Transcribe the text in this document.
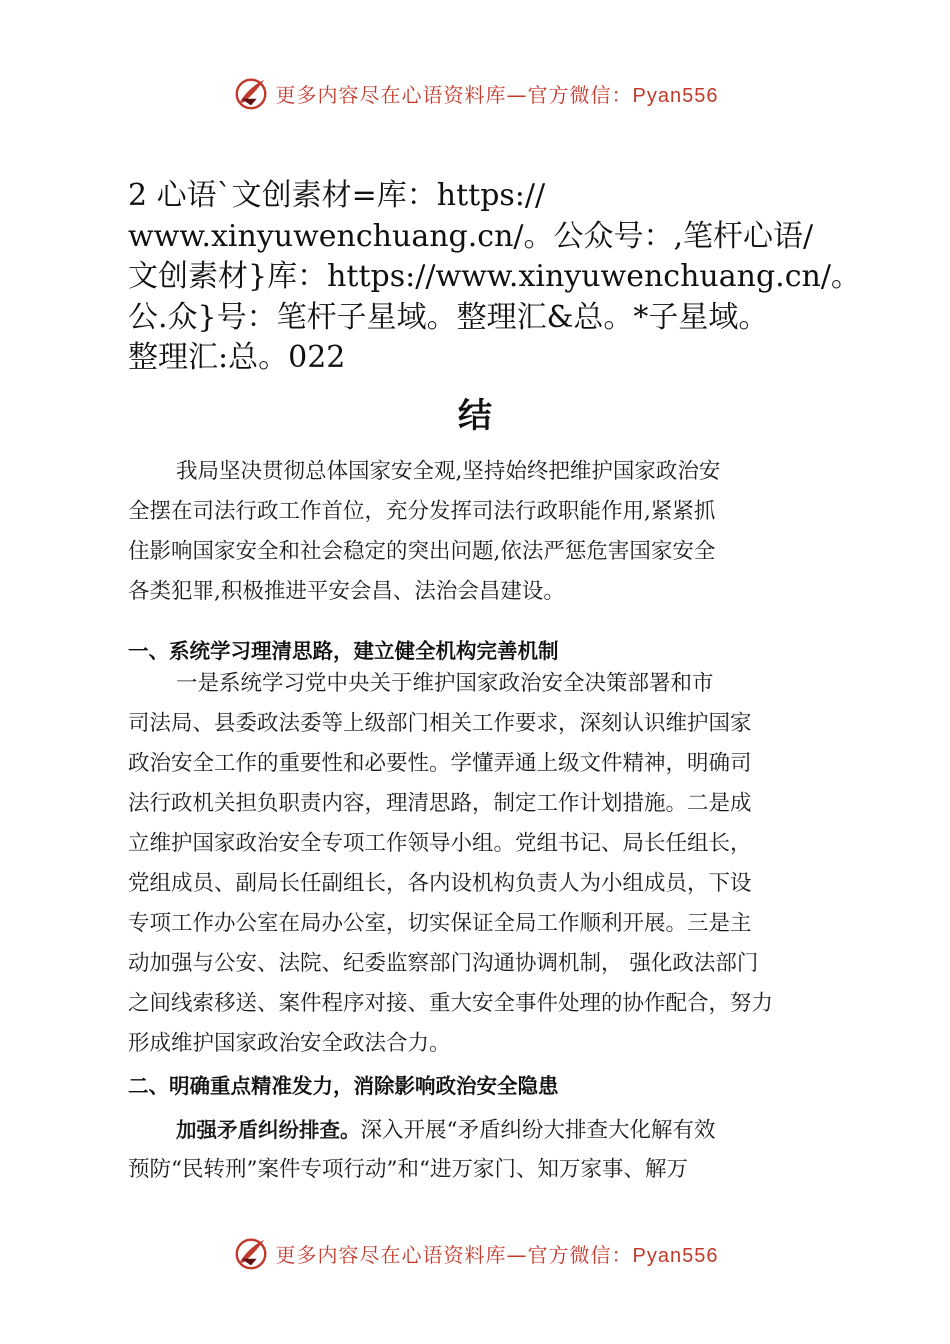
更多内容尽在心语资料库—官方微信：Pyan556
2 心语`文创素材=库：https://
www.xinyuwenchuang.cn/。公众号：,笔杆心语/
文创素材}库：https://www.xinyuwenchuang.cn/。
公.众}号：笔杆子星域。整理汇&总。*子星域。
整理汇:总。022
结
我局坚决贯彻总体国家安全观,坚持始终把维护国家政治安
全摆在司法行政工作首位，充分发挥司法行政职能作用,紧紧抓
住影响国家安全和社会稳定的突出问题,依法严惩危害国家安全
各类犯罪,积极推进平安会昌、法治会昌建设。
一、系统学习理清思路，建立健全机构完善机制
一是系统学习党中央关于维护国家政治安全决策部署和市
司法局、县委政法委等上级部门相关工作要求，深刻认识维护国家
政治安全工作的重要性和必要性。学懂弄通上级文件精神，明确司
法行政机关担负职责内容，理清思路，制定工作计划措施。二是成
立维护国家政治安全专项工作领导小组。党组书记、局长任组长，
党组成员、副局长任副组长，各内设机构负责人为小组成员，下设
专项工作办公室在局办公室，切实保证全局工作顺利开展。三是主
动加强与公安、法院、纪委监察部门沟通协调机制， 强化政法部门
之间线索移送、案件程序对接、重大安全事件处理的协作配合，努力
形成维护国家政治安全政法合力。
二、明确重点精准发力，消除影响政治安全隐患
加强矛盾纠纷排查。深入开展“矛盾纠纷大排查大化解有效
预防“民转刑”案件专项行动”和“进万家门、知万家事、解万
更多内容尽在心语资料库—官方微信：Pyan556
